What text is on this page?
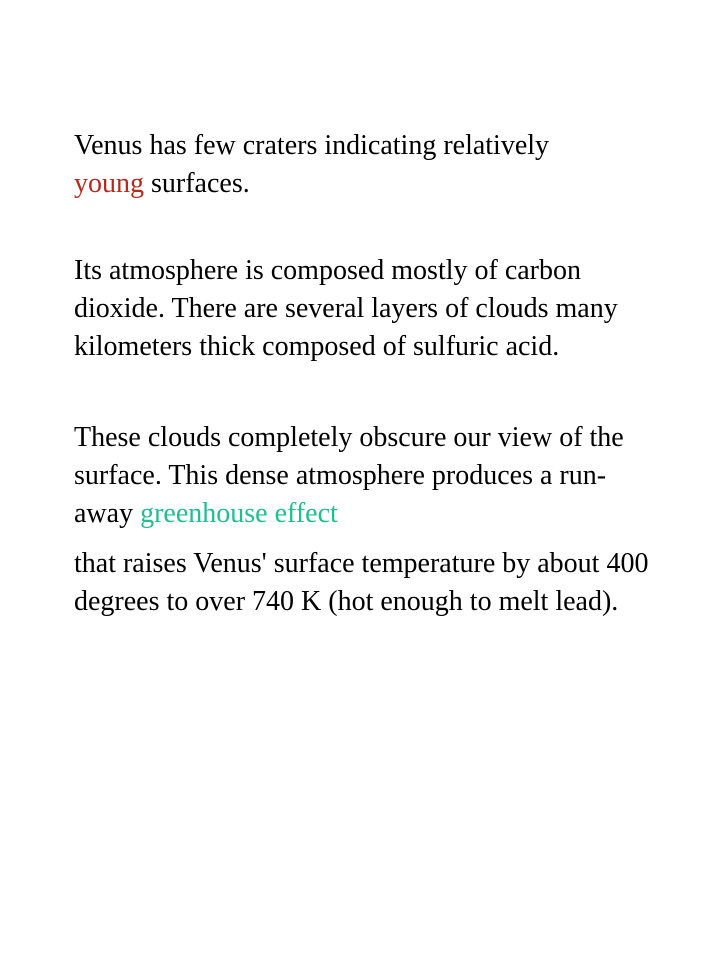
Venus has few craters indicating relatively
young surfaces.

Its atmosphere is composed mostly of carbon dioxide. There are several layers of clouds many kilometers thick composed of sulfuric acid.

These clouds completely obscure our view of the surface. This dense atmosphere produces a run-away greenhouse effect

that raises Venus' surface temperature by about 400 degrees to over 740 K (hot enough to melt lead).
